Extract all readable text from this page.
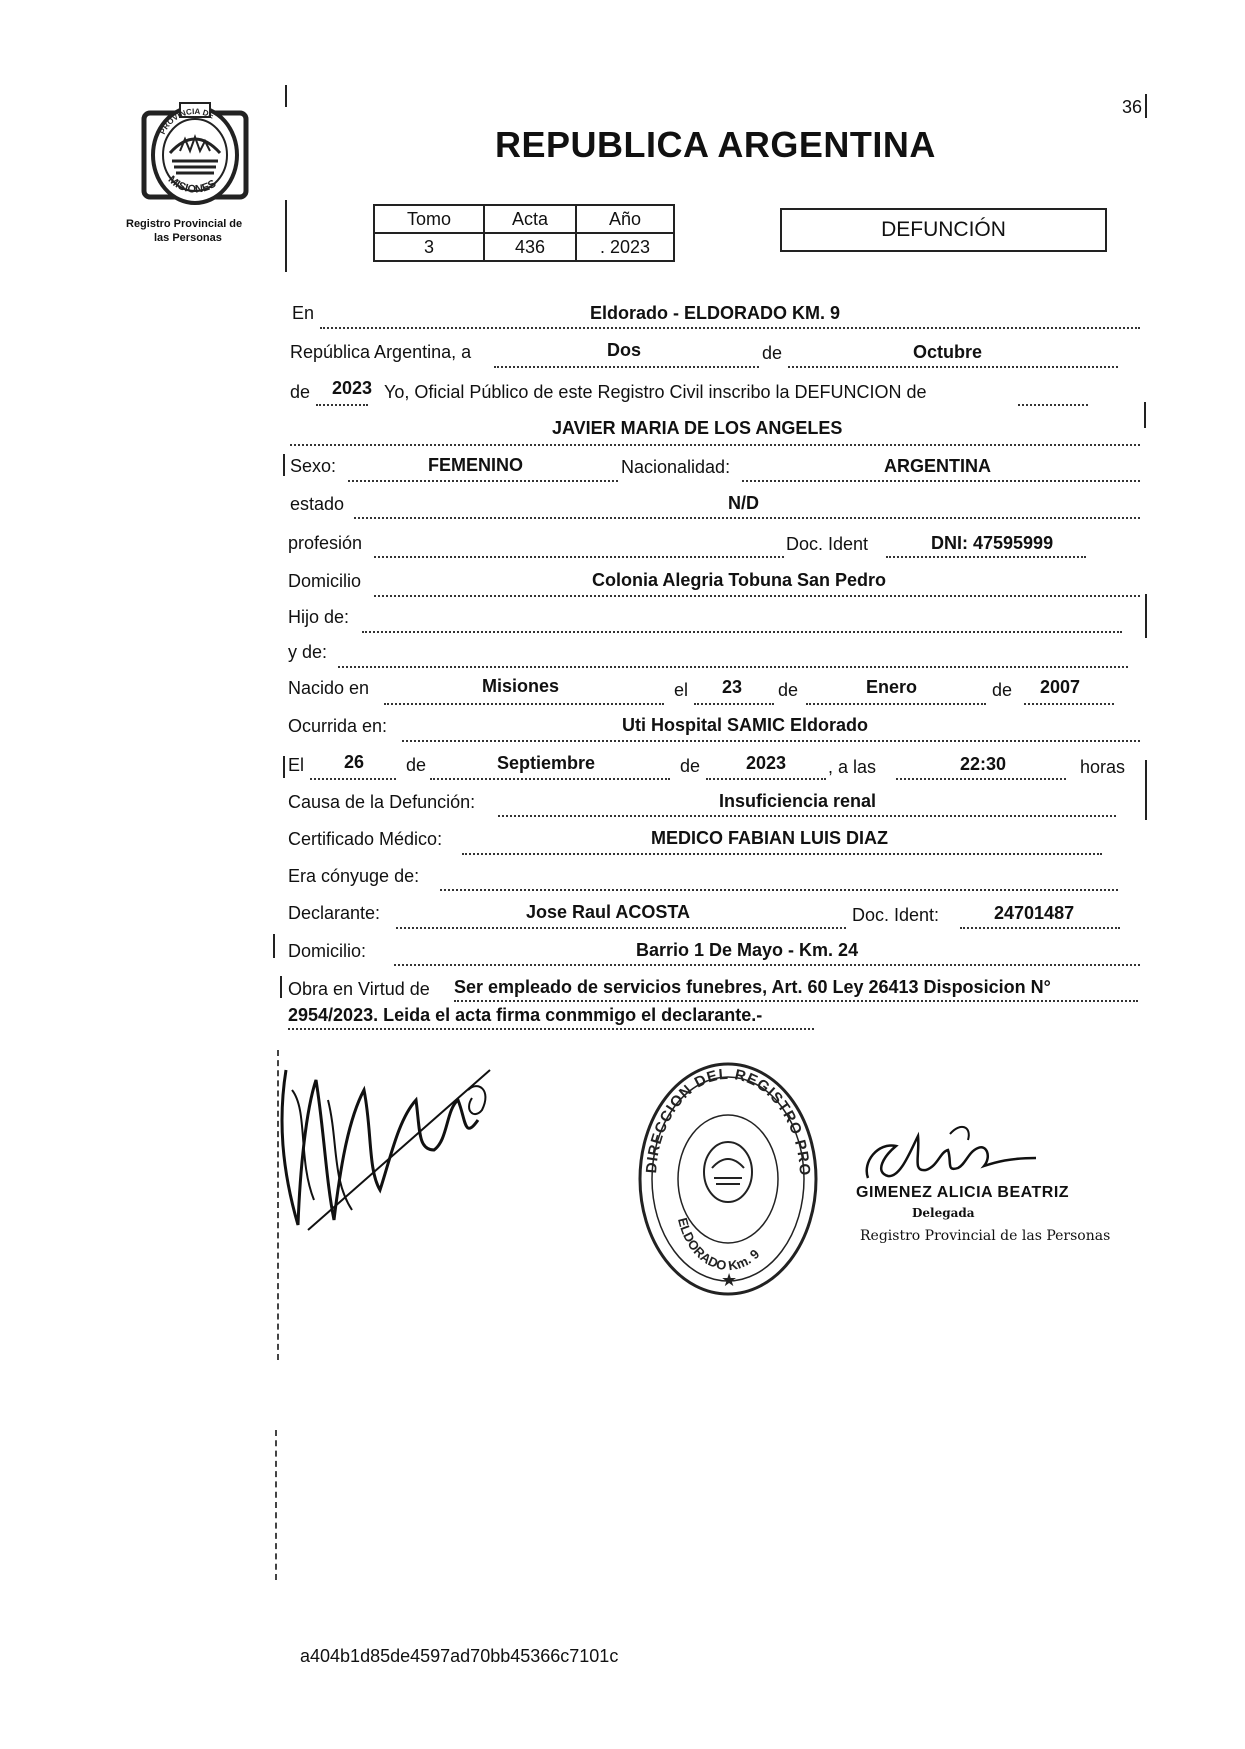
36
PROVINCIA DE
MISIONES
Registro Provincial de
las Personas
REPUBLICA ARGENTINA
Tomo	Acta	Año
3	436	. 2023
DEFUNCIÓN
En	Eldorado - ELDORADO KM. 9
República Argentina, a	Dos	de	Octubre
de 2023 Yo, Oficial Público de este Registro Civil inscribo la DEFUNCION de
JAVIER MARIA DE LOS ANGELES
Sexo:	FEMENINO	Nacionalidad:	ARGENTINA
estado	N/D
profesión	Doc. Ident	DNI: 47595999
Domicilio	Colonia Alegria Tobuna San Pedro
Hijo de:
y de:
Nacido en	Misiones	el 23 de	Enero	de 2007
Ocurrida en:	Uti Hospital SAMIC Eldorado
El 26 de	Septiembre	de	2023 , a las	22:30	horas
Causa de la Defunción:	Insuficiencia renal
Certificado Médico:	MEDICO FABIAN LUIS DIAZ
Era cónyuge de:
Declarante:	Jose Raul ACOSTA	Doc. Ident:	24701487
Domicilio:	Barrio 1 De Mayo - Km. 24
Obra en Virtud de Ser empleado de servicios funebres, Art. 60 Ley 26413 Disposicion N°
2954/2023. Leida el acta firma conmmigo el declarante.-
DIRECCION DEL REGISTRO PRO
ELDORADO Km. 9
★
GIMENEZ ALICIA BEATRIZ
Delegada
Registro Provincial de las Personas
a404b1d85de4597ad70bb45366c7101c
